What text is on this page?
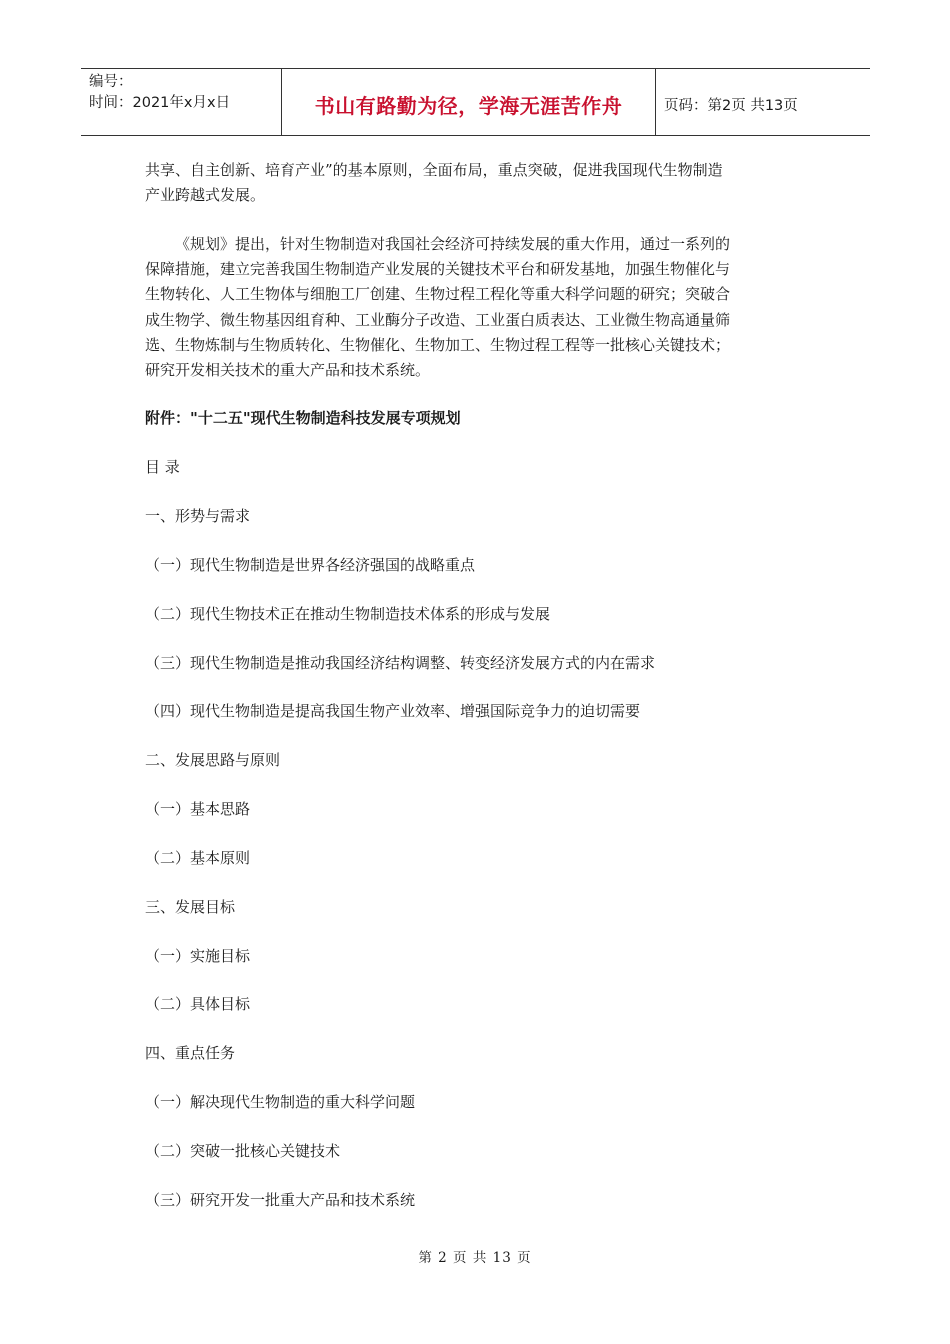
编号：
时间：2021年x月x日	书山有路勤为径，学海无涯苦作舟	页码：第2页 共13页

共享、自主创新、培育产业”的基本原则，全面布局，重点突破，促进我国现代生物制造
产业跨越式发展。

《规划》提出，针对生物制造对我国社会经济可持续发展的重大作用，通过一系列的
保障措施，建立完善我国生物制造产业发展的关键技术平台和研发基地，加强生物催化与
生物转化、人工生物体与细胞工厂创建、生物过程工程化等重大科学问题的研究；突破合
成生物学、微生物基因组育种、工业酶分子改造、工业蛋白质表达、工业微生物高通量筛
选、生物炼制与生物质转化、生物催化、生物加工、生物过程工程等一批核心关键技术；
研究开发相关技术的重大产品和技术系统。

附件："十二五"现代生物制造科技发展专项规划
目 录
一、形势与需求
（一）现代生物制造是世界各经济强国的战略重点
（二）现代生物技术正在推动生物制造技术体系的形成与发展
（三）现代生物制造是推动我国经济结构调整、转变经济发展方式的内在需求
（四）现代生物制造是提高我国生物产业效率、增强国际竞争力的迫切需要
二、发展思路与原则
（一）基本思路
（二）基本原则
三、发展目标
（一）实施目标
（二）具体目标
四、重点任务
（一）解决现代生物制造的重大科学问题
（二）突破一批核心关键技术
（三）研究开发一批重大产品和技术系统
第 2 页 共 13 页
